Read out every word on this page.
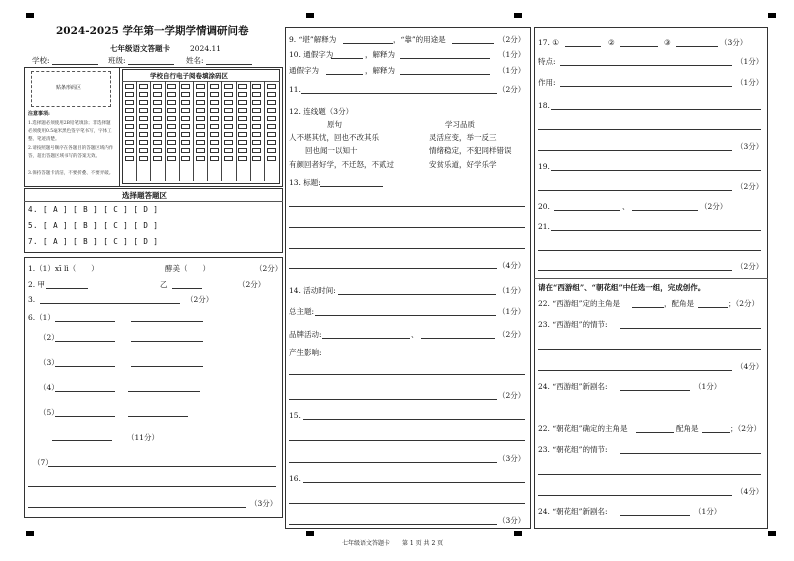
2024-2025 学年第一学期学情调研问卷
七年级语文答题卡	2024.11
学校:	班级:	姓名:
贴条形码区
注意事项:
1.选择题必须使用2B铅笔填涂；非选择题必须使用0.5毫米黑色签字笔书写，字体工整、笔迹清楚。
2.请按照题号顺序在各题目的答题区域内作答，超出答题区域书写的答案无效。
3.保持答题卡清洁，不要折叠、不要弄破。
学校自行电子阅卷填涂码区
选择题答题区
4. [ A ] [ B ] [ C ] [ D ]
5. [ A ] [ B ] [ C ] [ D ]
7. [ A ] [ B ] [ C ] [ D ]
1.（1）xī lì（　　）	酵美（　　）	（2分）
2. 甲	乙	（2分）
3.	（2分）
6.（1）
（2）
（3）
（4）
（5）
（11分）
（7）
（3分）
9. “堪”解释为	，“靠”的用途是	（2分）
10. 通假字为	，解释为	（1分）
通假字为	，解释为	（1分）
11.	（2分）
12. 连线题（3分）
原句	学习品质
人不堪其忧，回也不改其乐
回也闻一以知十
有颜回者好学，不迁怒，不贰过
灵活应变，举一反三
情绪稳定，不犯同样错误
安贫乐道，好学乐学
13. 标题:
（4分）
14. 活动时间:	（1分）
总主题:	（1分）
品牌活动:	、	（2分）
产生影响:
（2分）
15.
（3分）
16.
（3分）
17. ①	②	③	（3分）
特点:	（1分）
作用:	（1分）
18.
（3分）
19.
（2分）
20.	、	（2分）
21.
（2分）
请在“西游组”、“朝花组”中任选一组，完成创作。
22. “西游组”定的主角是	，配角是	；（2分）
23. “西游组”的情节:
（4分）
24. “西游组”新剧名:	（1分）
22. “朝花组”确定的主角是	配角是	；（2分）
23. “朝花组”的情节:
（4分）
24. “朝花组”新剧名:	（1分）
七年级语文答题卡　　第 1 页 共 2 页
